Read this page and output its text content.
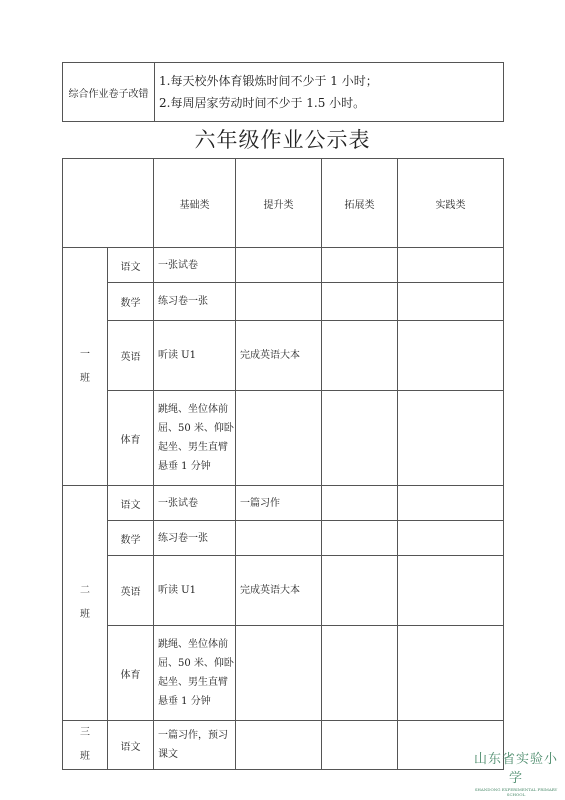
综合作业卷子改错	
1.每天校外体育锻炼时间不少于 1 小时；
2.每周居家劳动时间不少于 1.5 小时。
六年级作业公示表
		基础类	提升类	拓展类	实践类

一
班	语文	一张试卷			
	数学	练习卷一张			
	英语	听读 U1	完成英语大本		
	体育	跳绳、坐位体前屈、50 米、仰卧起坐、男生直臂悬垂 1 分钟			

二
班	语文	一张试卷	一篇习作		
	数学	练习卷一张			
	英语	听读 U1	完成英语大本		
	体育	跳绳、坐位体前屈、50 米、仰卧起坐、男生直臂悬垂 1 分钟			

三
班	语文	一篇习作，预习课文				山东省实验小学
SHANDONG EXPERIMENTAL PRIMARY SCHOOL
